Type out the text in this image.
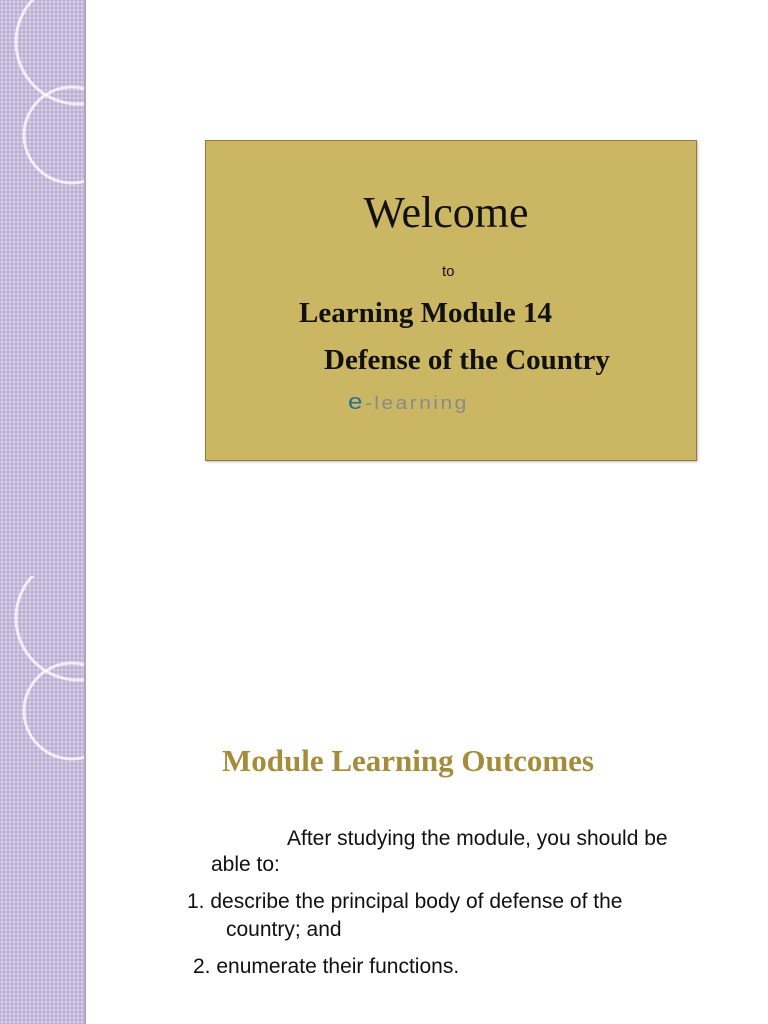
Welcome
to
Learning Module 14
Defense of the Country
e-learning
Module Learning Outcomes
After studying the module, you should be able to:
1. describe the principal body of defense of the
country; and
2. enumerate their functions.
